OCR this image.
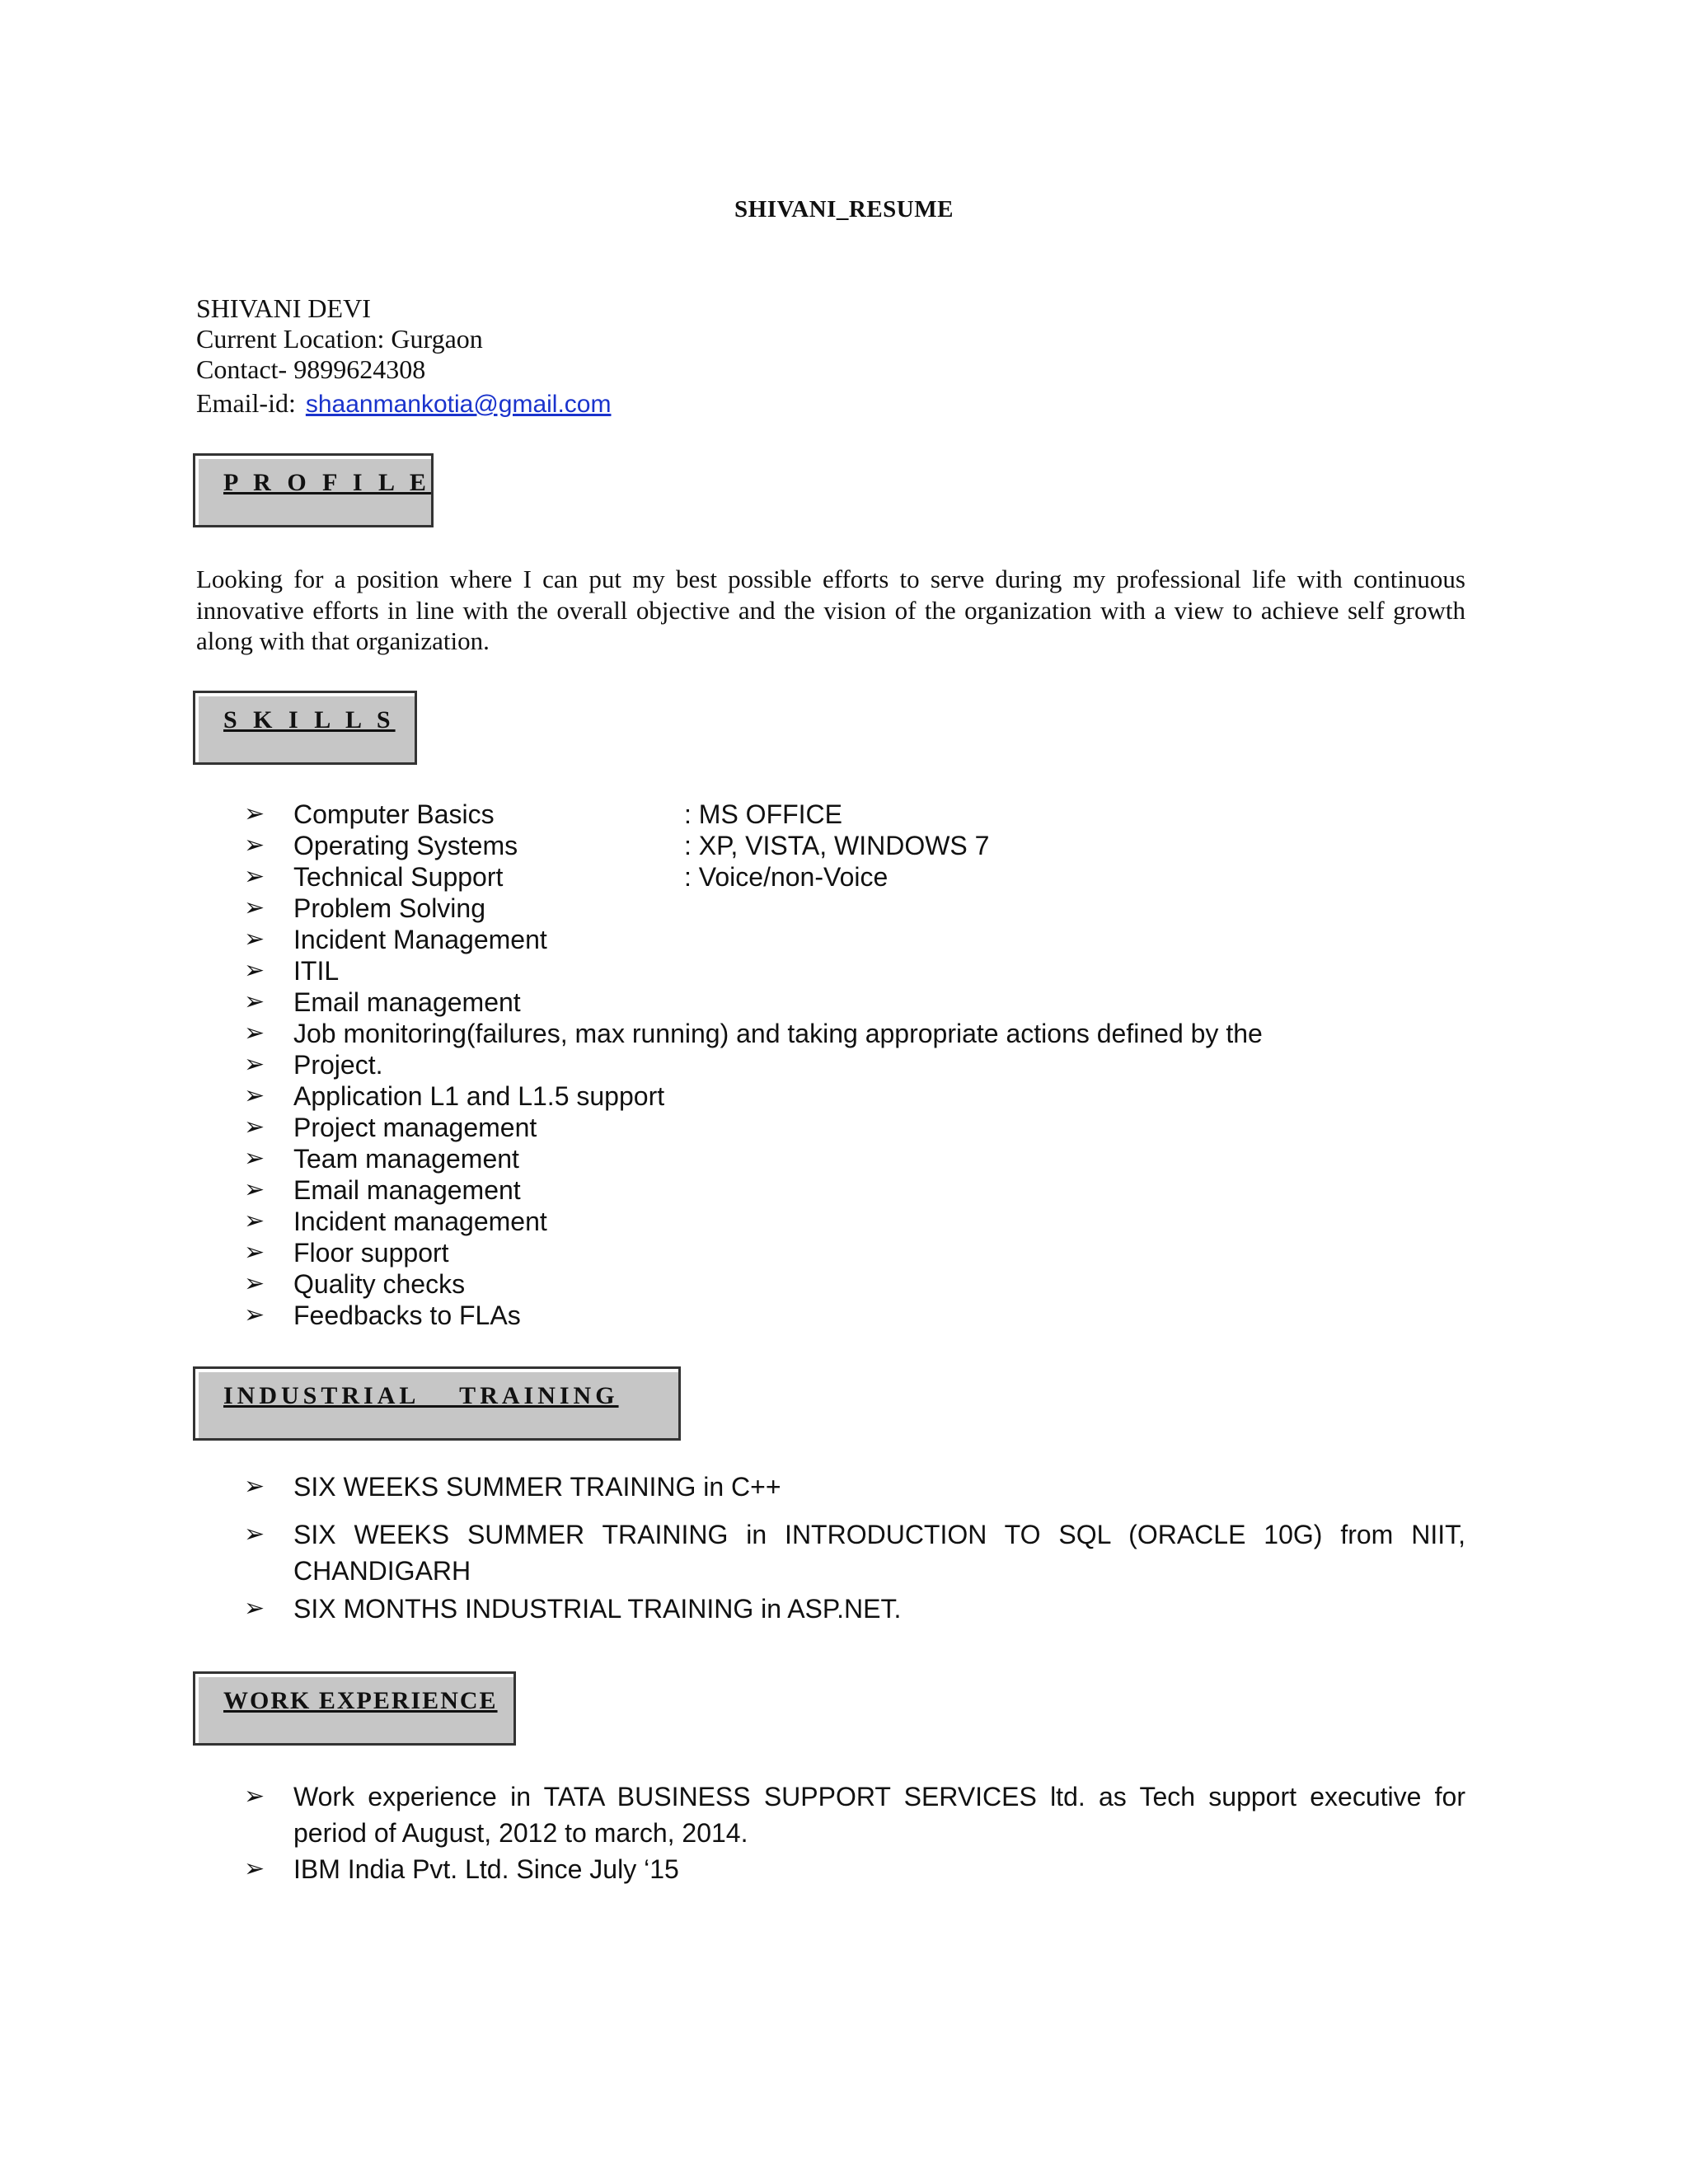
SHIVANI_RESUME
SHIVANI DEVI
Current Location: Gurgaon
Contact- 9899624308
Email-id: shaanmankotia@gmail.com
P R O F I L E
Looking for a position where I can put my best possible efforts to serve during my professional life with continuous innovative efforts in line with the overall objective and the vision of the organization with a view to achieve self growth along with that organization.
S K I L L S
➢ Computer Basics	: MS OFFICE
➢ Operating Systems	: XP, VISTA, WINDOWS 7
➢ Technical Support	: Voice/non-Voice
➢ Problem Solving
➢ Incident Management
➢ ITIL
➢ Email management
➢ Job monitoring(failures, max running) and taking appropriate actions defined by the
➢ Project.
➢ Application L1 and L1.5 support
➢ Project management
➢ Team management
➢ Email management
➢ Incident management
➢ Floor support
➢ Quality checks
➢ Feedbacks to FLAs
INDUSTRIAL    TRAINING
➢ SIX WEEKS SUMMER TRAINING in C++
➢ SIX WEEKS SUMMER TRAINING in INTRODUCTION TO SQL (ORACLE 10G) from NIIT, CHANDIGARH
➢ SIX MONTHS INDUSTRIAL TRAINING in ASP.NET.
WORK EXPERIENCE
➢ Work experience in TATA BUSINESS SUPPORT SERVICES ltd. as Tech support executive for period of August, 2012 to march, 2014.
➢ IBM India Pvt. Ltd. Since July ‘15
